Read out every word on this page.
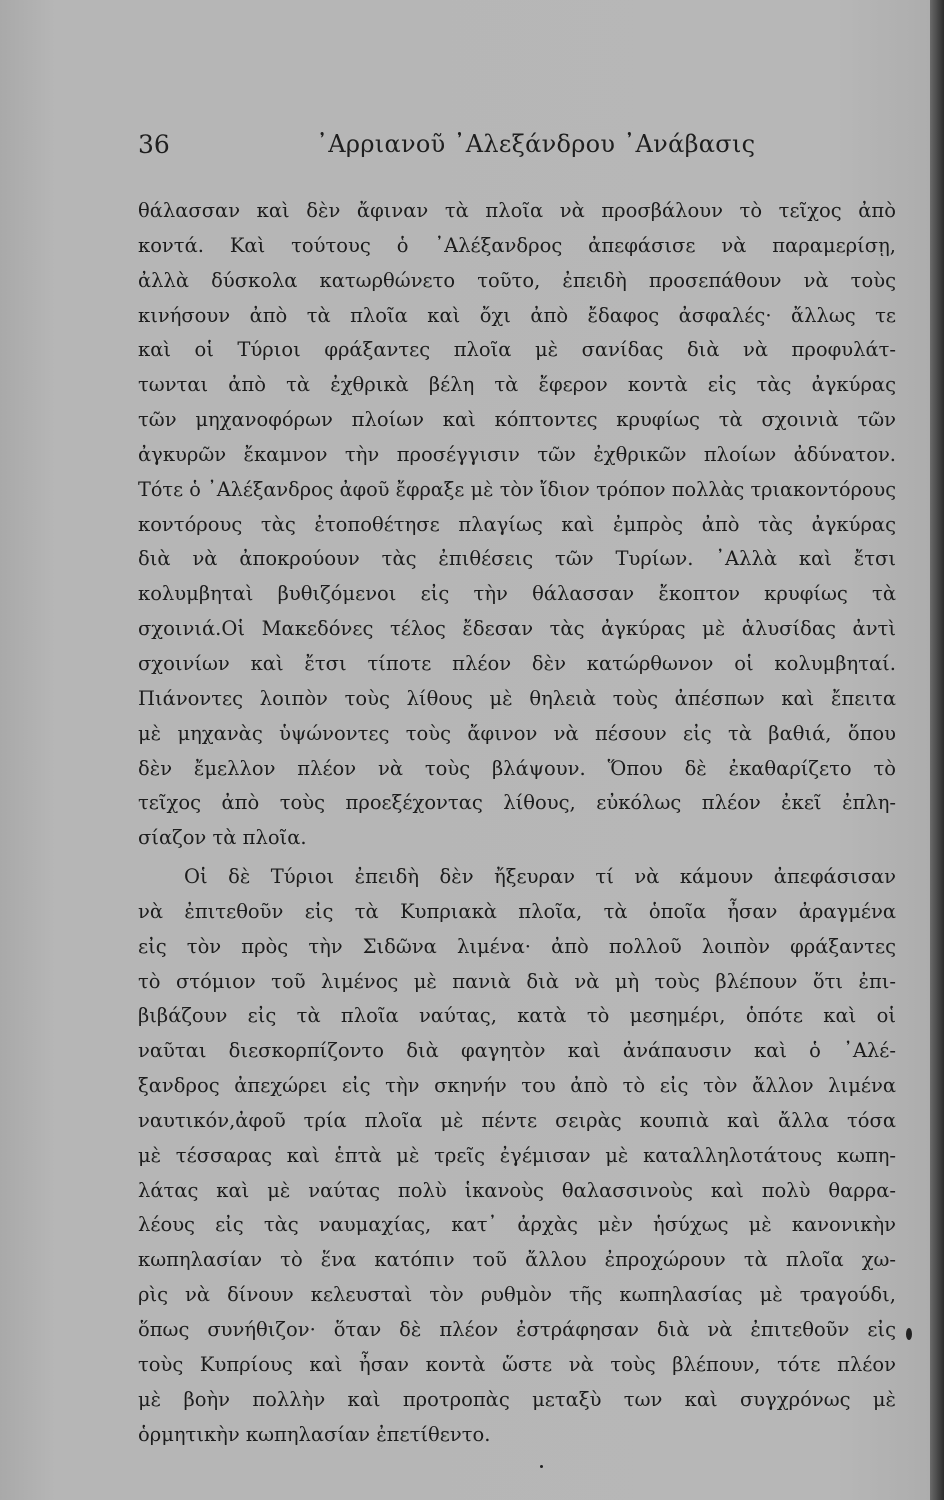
36	᾿Αρριανοῦ ᾿Αλεξάνδρου ᾿Ανάβασις
θάλασσαν καὶ δὲν ἄφιναν τὰ πλοῖα νὰ προσβάλουν τὸ τεῖχος ἀπὸ
κοντά. Καὶ τούτους ὁ ᾿Αλέξανδρος ἀπεφάσισε νὰ παραμερίσῃ,
ἀλλὰ δύσκολα κατωρθώνετο τοῦτο, ἐπειδὴ προσεπάθουν νὰ τοὺς
κινήσουν ἀπὸ τὰ πλοῖα καὶ ὄχι ἀπὸ ἔδαφος ἀσφαλές· ἄλλως τε
καὶ οἱ Τύριοι φράξαντες πλοῖα μὲ σανίδας διὰ νὰ προφυλάτ-
τωνται ἀπὸ τὰ ἐχθρικὰ βέλη τὰ ἔφερον κοντὰ εἰς τὰς ἀγκύρας
τῶν μηχανοφόρων πλοίων καὶ κόπτοντες κρυφίως τὰ σχοινιὰ τῶν
ἀγκυρῶν ἔκαμνον τὴν προσέγγισιν τῶν ἐχθρικῶν πλοίων ἀδύνατον.
Τότε ὁ ᾿Αλέξανδρος ἀφοῦ ἔφραξε μὲ τὸν ἴδιον τρόπον πολλὰς τριακοντόρους
κοντόρους τὰς ἐτοποθέτησε πλαγίως καὶ ἐμπρὸς ἀπὸ τὰς ἀγκύρας
διὰ νὰ ἀποκρούουν τὰς ἐπιθέσεις τῶν Τυρίων. ᾿Αλλὰ καὶ ἔτσι
κολυμβηταὶ βυθιζόμενοι εἰς τὴν θάλασσαν ἔκοπτον κρυφίως τὰ
σχοινιά.Οἱ Μακεδόνες τέλος ἔδεσαν τὰς ἀγκύρας μὲ ἁλυσίδας ἀντὶ
σχοινίων καὶ ἔτσι τίποτε πλέον δὲν κατώρθωνον οἱ κολυμβηταί.
Πιάνοντες λοιπὸν τοὺς λίθους μὲ θηλειὰ τοὺς ἀπέσπων καὶ ἔπειτα
μὲ μηχανὰς ὑψώνοντες τοὺς ἄφινον νὰ πέσουν εἰς τὰ βαθιά, ὅπου
δὲν ἔμελλον πλέον νὰ τοὺς βλάψουν. Ὅπου δὲ ἐκαθαρίζετο τὸ
τεῖχος ἀπὸ τοὺς προεξέχοντας λίθους, εὐκόλως πλέον ἐκεῖ ἐπλη-
σίαζον τὰ πλοῖα.
Οἱ δὲ Τύριοι ἐπειδὴ δὲν ἤξευραν τί νὰ κάμουν ἀπεφάσισαν
νὰ ἐπιτεθοῦν εἰς τὰ Κυπριακὰ πλοῖα, τὰ ὁποῖα ἦσαν ἀραγμένα
εἰς τὸν πρὸς τὴν Σιδῶνα λιμένα· ἀπὸ πολλοῦ λοιπὸν φράξαντες
τὸ στόμιον τοῦ λιμένος μὲ πανιὰ διὰ νὰ μὴ τοὺς βλέπουν ὅτι ἐπι-
βιβάζουν εἰς τὰ πλοῖα ναύτας, κατὰ τὸ μεσημέρι, ὁπότε καὶ οἱ
ναῦται διεσκορπίζοντο διὰ φαγητὸν καὶ ἀνάπαυσιν καὶ ὁ ᾿Αλέ-
ξανδρος ἀπεχώρει εἰς τὴν σκηνήν του ἀπὸ τὸ εἰς τὸν ἄλλον λιμένα
ναυτικόν,ἀφοῦ τρία πλοῖα μὲ πέντε σειρὰς κουπιὰ καὶ ἄλλα τόσα
μὲ τέσσαρας καὶ ἑπτὰ μὲ τρεῖς ἐγέμισαν μὲ καταλληλοτάτους κωπη-
λάτας καὶ μὲ ναύτας πολὺ ἱκανοὺς θαλασσινοὺς καὶ πολὺ θαρρα-
λέους εἰς τὰς ναυμαχίας, κατ᾿ ἀρχὰς μὲν ἡσύχως μὲ κανονικὴν
κωπηλασίαν τὸ ἕνα κατόπιν τοῦ ἄλλου ἐπροχώρουν τὰ πλοῖα χω-
ρὶς νὰ δίνουν κελευσταὶ τὸν ρυθμὸν τῆς κωπηλασίας μὲ τραγούδι,
ὅπως συνήθιζον· ὅταν δὲ πλέον ἐστράφησαν διὰ νὰ ἐπιτεθοῦν εἰς
τοὺς Κυπρίους καὶ ἦσαν κοντὰ ὥστε νὰ τοὺς βλέπουν, τότε πλέον
μὲ βοὴν πολλὴν καὶ προτροπὰς μεταξὺ των καὶ συγχρόνως μὲ
ὁρμητικὴν κωπηλασίαν ἐπετίθεντο.
